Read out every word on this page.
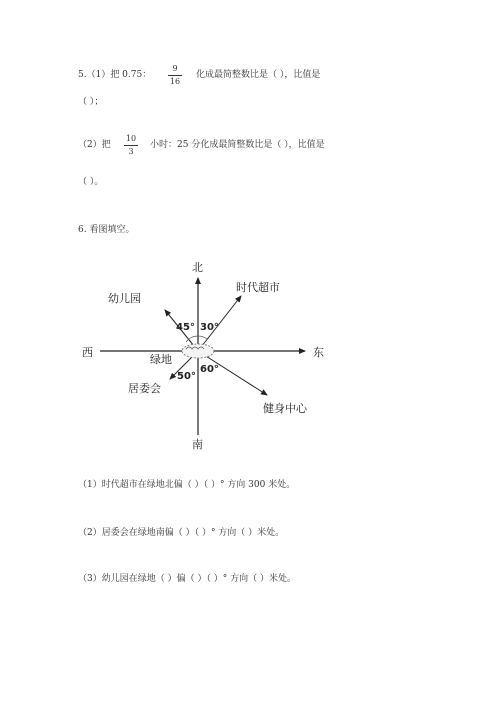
5.（1）把 0.75：
9
16
化成最简整数比是（ ），比值是
（ ）；
（2）把
10
3
小时：25 分化成最简整数比是（ ），比值是
（ ）。
6. 看图填空。
北
南
东
西
绿地
时代超市
幼儿园
居委会
健身中心
45° 30°
50°
60°
（1）时代超市在绿地北偏（ ）（ ）° 方向 300 米处。
（2）居委会在绿地南偏（ ）（ ）° 方向（ ）米处。
（3）幼儿园在绿地（ ）偏（ ）（ ）° 方向（ ）米处。
